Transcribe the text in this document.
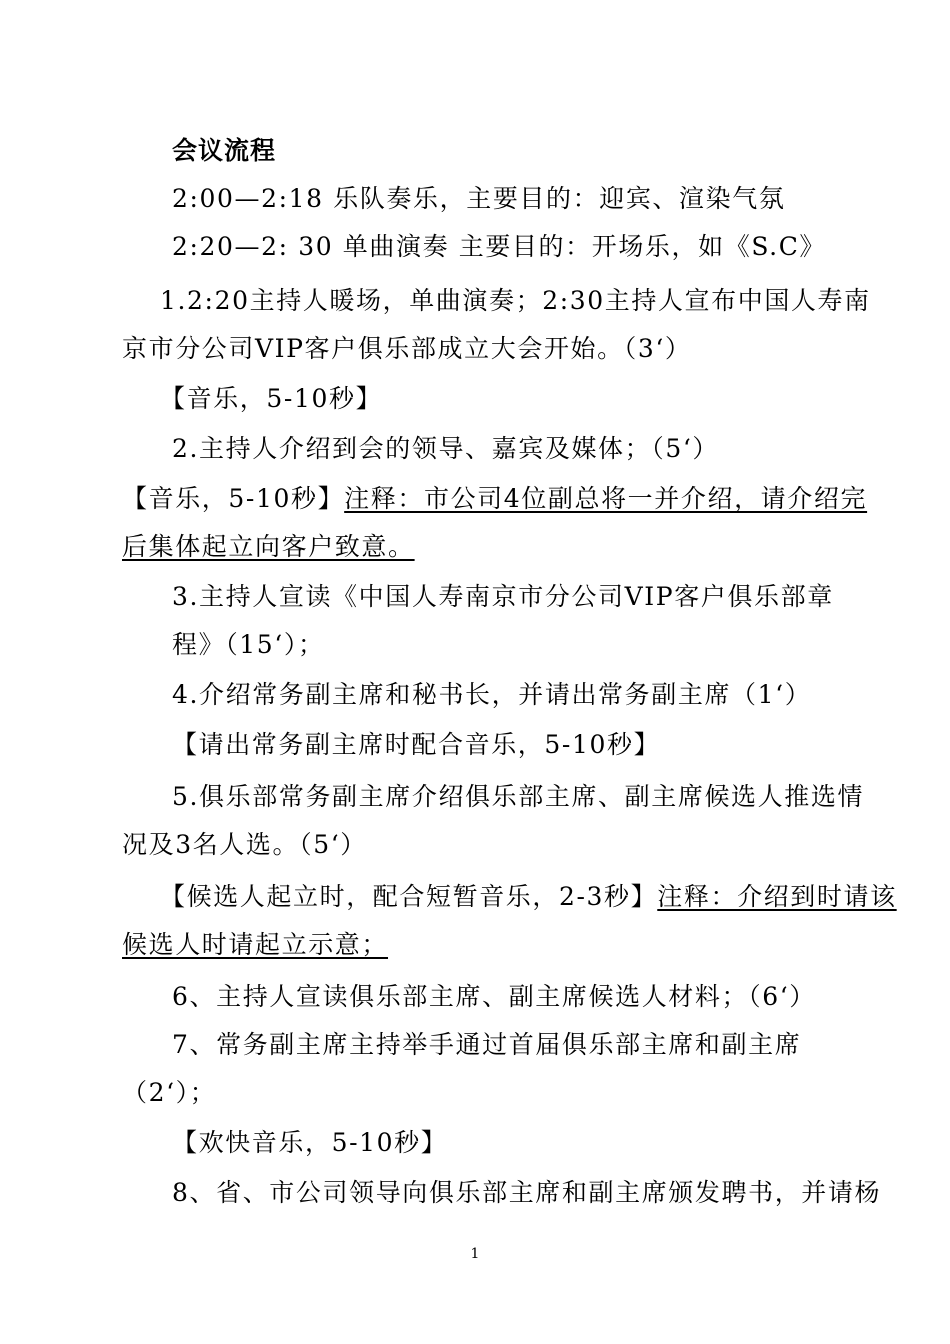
会议流程
2:00—2:18 乐队奏乐，主要目的：迎宾、渲染气氛
2:20—2: 30 单曲演奏 主要目的：开场乐，如《S.C》
1.2:20主持人暖场，单曲演奏；2:30主持人宣布中国人寿南
京市分公司VIP客户俱乐部成立大会开始。（3‘）
【音乐，5-10秒】
2.主持人介绍到会的领导、嘉宾及媒体；（5‘）
【音乐，5-10秒】注释：市公司4位副总将一并介绍，请介绍完
后集体起立向客户致意。
3.主持人宣读《中国人寿南京市分公司VIP客户俱乐部章
程》（15‘）；
4.介绍常务副主席和秘书长，并请出常务副主席（1‘）
【请出常务副主席时配合音乐，5-10秒】
5.俱乐部常务副主席介绍俱乐部主席、副主席候选人推选情
况及3名人选。（5‘）
【候选人起立时，配合短暂音乐，2-3秒】注释：介绍到时请该
候选人时请起立示意；
6、主持人宣读俱乐部主席、副主席候选人材料；（6‘）
7、常务副主席主持举手通过首届俱乐部主席和副主席
（2‘）；
【欢快音乐，5-10秒】
8、省、市公司领导向俱乐部主席和副主席颁发聘书，并请杨
1
